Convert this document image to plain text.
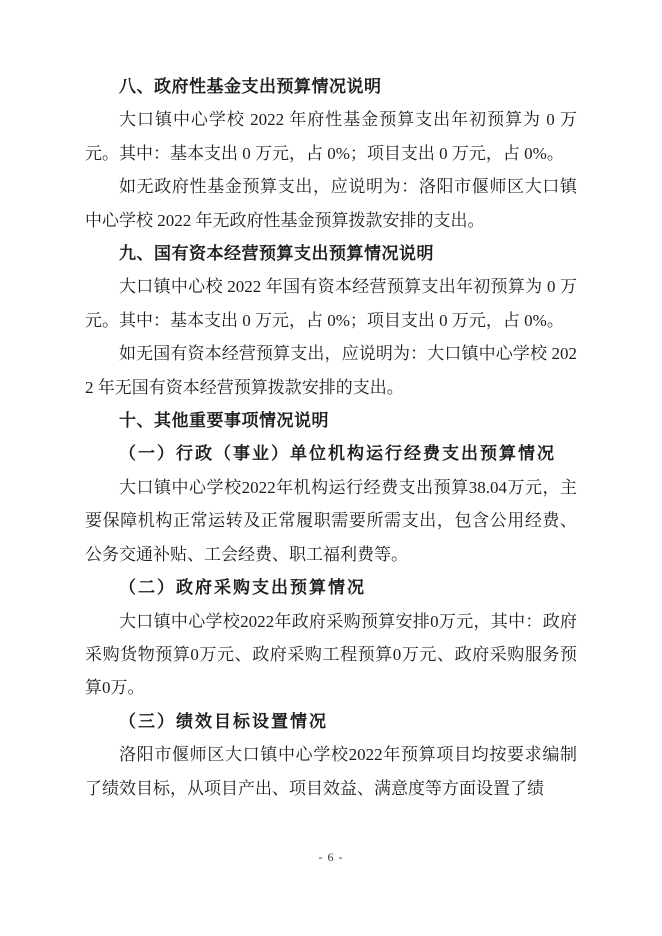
八、政府性基金支出预算情况说明

大口镇中心学校 2022 年府性基金预算支出年初预算为 0 万元。其中：基本支出 0 万元，占 0%；项目支出 0 万元，占 0%。

如无政府性基金预算支出，应说明为：洛阳市偃师区大口镇中心学校 2022 年无政府性基金预算拨款安排的支出。

九、国有资本经营预算支出预算情况说明

大口镇中心校 2022 年国有资本经营预算支出年初预算为 0 万元。其中：基本支出 0 万元，占 0%；项目支出 0 万元，占 0%。

如无国有资本经营预算支出，应说明为：大口镇中心学校 2022 年无国有资本经营预算拨款安排的支出。

十、其他重要事项情况说明

（一）行政（事业）单位机构运行经费支出预算情况

大口镇中心学校2022年机构运行经费支出预算38.04万元，主要保障机构正常运转及正常履职需要所需支出，包含公用经费、公务交通补贴、工会经费、职工福利费等。

（二）政府采购支出预算情况

大口镇中心学校2022年政府采购预算安排0万元，其中：政府采购货物预算0万元、政府采购工程预算0万元、政府采购服务预算0万。

（三）绩效目标设置情况

洛阳市偃师区大口镇中心学校2022年预算项目均按要求编制了绩效目标，从项目产出、项目效益、满意度等方面设置了绩

- 6 -
